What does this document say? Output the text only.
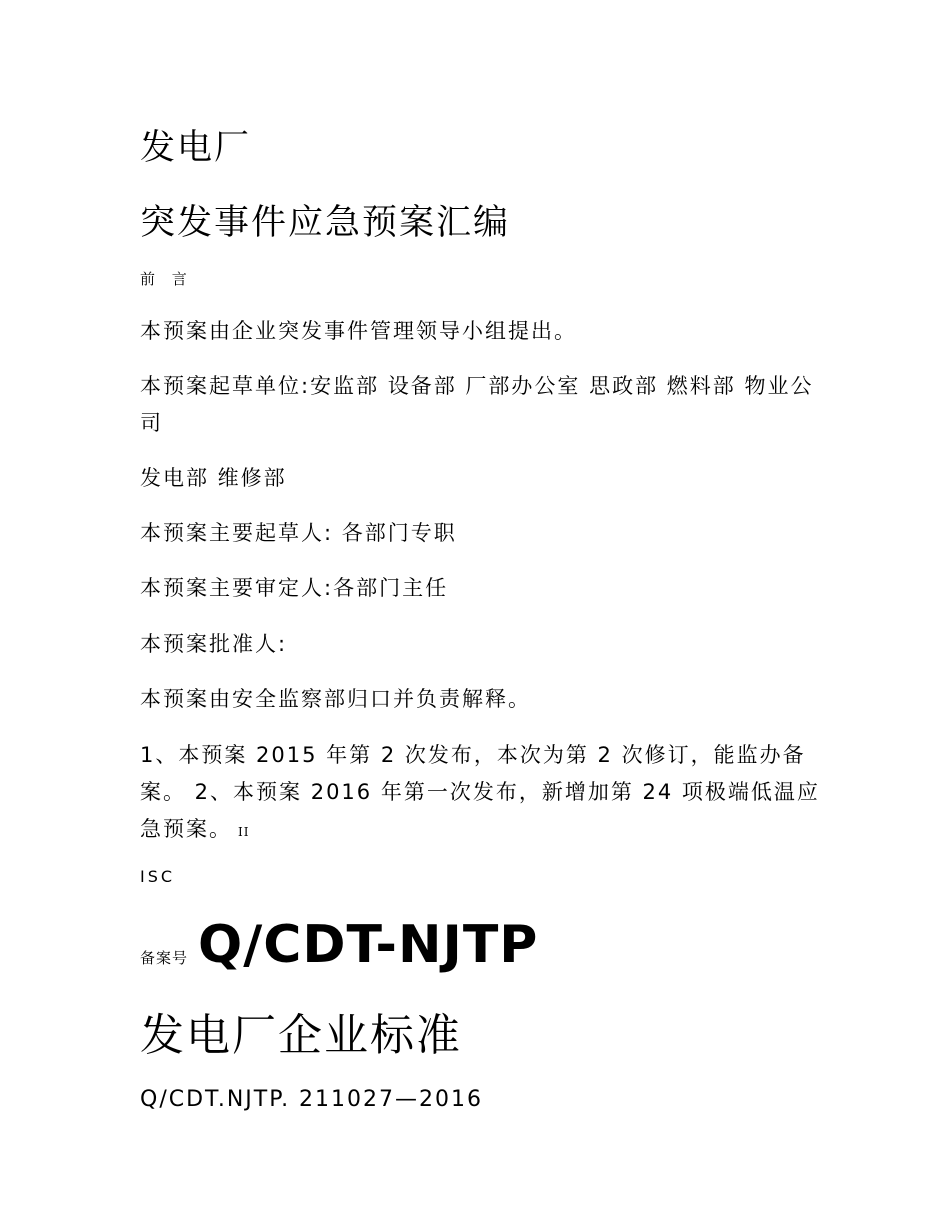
发电厂
突发事件应急预案汇编
前 言
本预案由企业突发事件管理领导小组提出。
本预案起草单位:安监部 设备部 厂部办公室 思政部 燃料部 物业公司
发电部 维修部
本预案主要起草人: 各部门专职
本预案主要审定人:各部门主任
本预案批准人:
本预案由安全监察部归口并负责解释。
1、本预案 2015 年第 2 次发布，本次为第 2 次修订，能监办备案。 2、本预案 2016 年第一次发布，新增加第 24 项极端低温应急预案。 II
ISC
备案号 Q/CDT-NJTP
发电厂企业标准
Q/CDT.NJTP. 211027—2016
